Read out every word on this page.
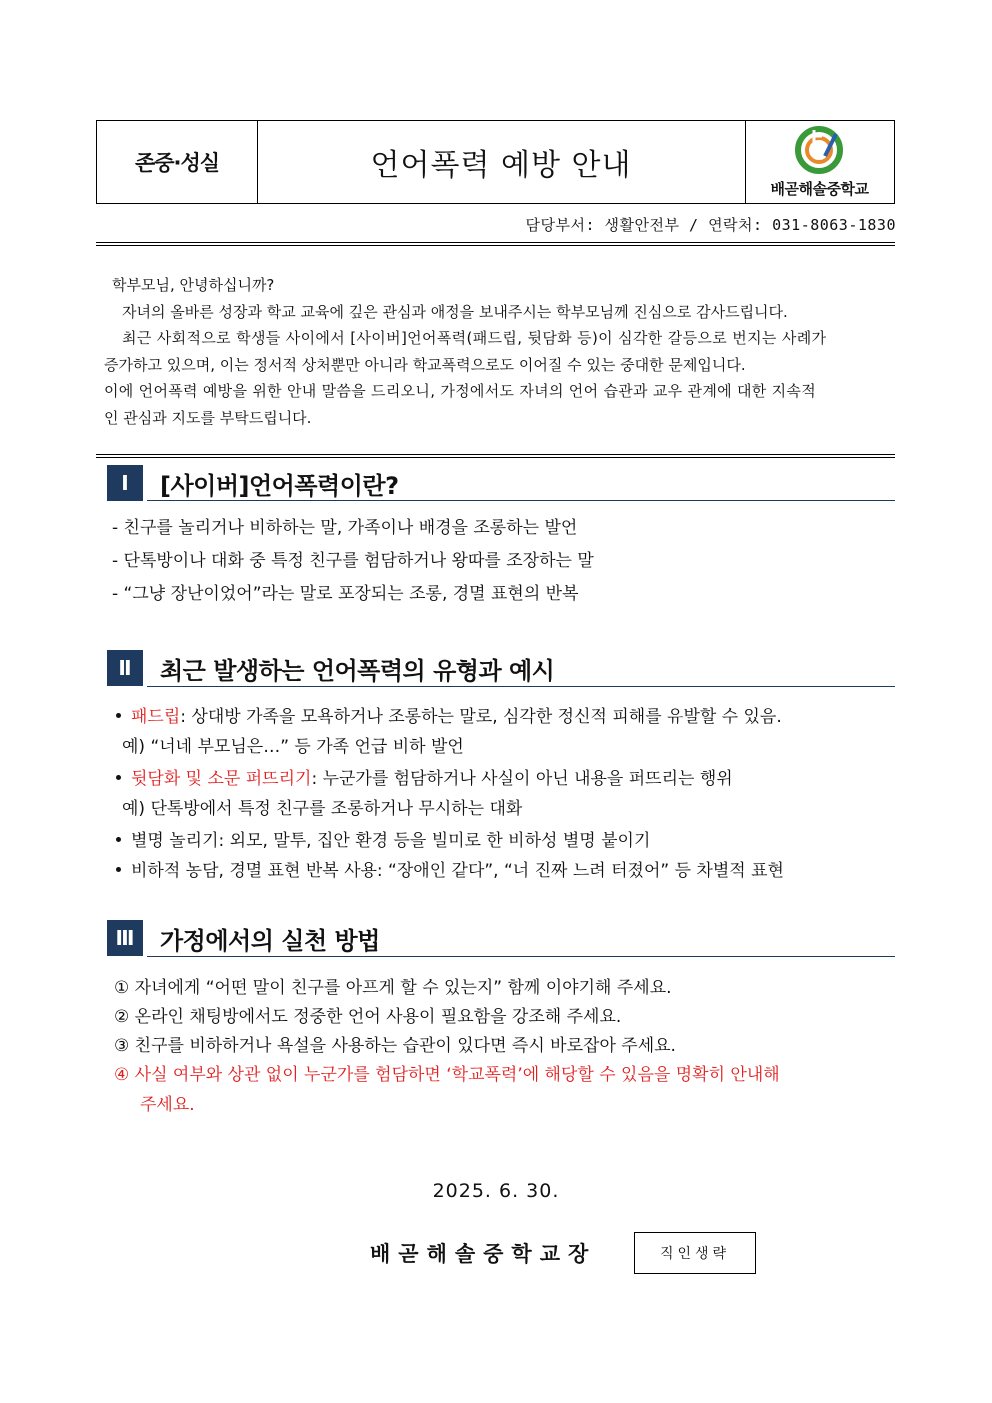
존중·성실	언어폭력 예방 안내
배곧해솔중학교
담당부서: 생활안전부 / 연락처: 031-8063-1830

학부모님, 안녕하십니까?

자녀의 올바른 성장과 학교 교육에 깊은 관심과 애정을 보내주시는 학부모님께 진심으로 감사드립니다.

최근 사회적으로 학생들 사이에서 [사이버]언어폭력(패드립, 뒷담화 등)이 심각한 갈등으로 번지는 사례가

증가하고 있으며, 이는 정서적 상처뿐만 아니라 학교폭력으로도 이어질 수 있는 중대한 문제입니다.

이에 언어폭력 예방을 위한 안내 말씀을 드리오니, 가정에서도 자녀의 언어 습관과 교우 관계에 대한 지속적

인 관심과 지도를 부탁드립니다.

Ⅰ	[사이버]언어폭력이란?
- 친구를 놀리거나 비하하는 말, 가족이나 배경을 조롱하는 발언
- 단톡방이나 대화 중 특정 친구를 험담하거나 왕따를 조장하는 말
- “그냥 장난이었어”라는 말로 포장되는 조롱, 경멸 표현의 반복
Ⅱ	최근 발생하는 언어폭력의 유형과 예시
패드립: 상대방 가족을 모욕하거나 조롱하는 말로, 심각한 정신적 피해를 유발할 수 있음.
예) “너네 부모님은…” 등 가족 언급 비하 발언
뒷담화 및 소문 퍼뜨리기: 누군가를 험담하거나 사실이 아닌 내용을 퍼뜨리는 행위
예) 단톡방에서 특정 친구를 조롱하거나 무시하는 대화
별명 놀리기: 외모, 말투, 집안 환경 등을 빌미로 한 비하성 별명 붙이기
비하적 농담, 경멸 표현 반복 사용: “장애인 같다”, “너 진짜 느려 터졌어” 등 차별적 표현
Ⅲ	가정에서의 실천 방법
① 자녀에게 “어떤 말이 친구를 아프게 할 수 있는지” 함께 이야기해 주세요.
② 온라인 채팅방에서도 정중한 언어 사용이 필요함을 강조해 주세요.
③ 친구를 비하하거나 욕설을 사용하는 습관이 있다면 즉시 바로잡아 주세요.
④ 사실 여부와 상관 없이 누군가를 험담하면 ‘학교폭력’에 해당할 수 있음을 명확히 안내해
주세요.
2025. 6. 30.
배곧해솔중학교장	직인생략
